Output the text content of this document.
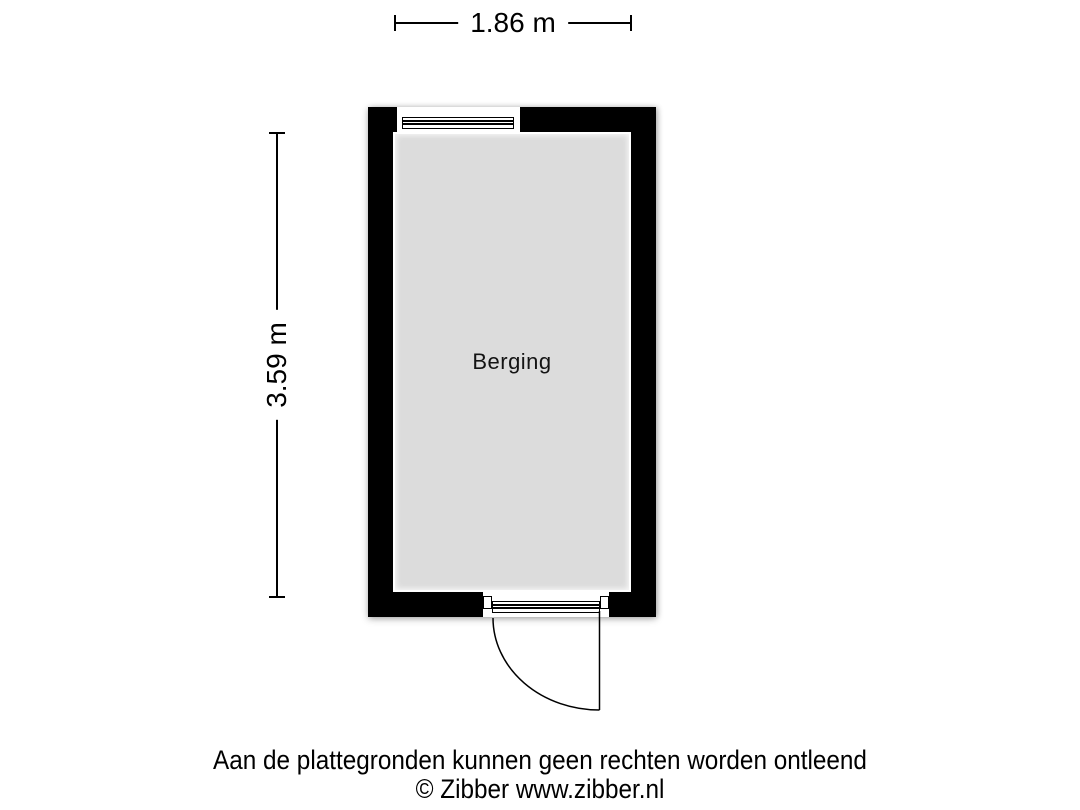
1.86 m
3.59 m	Berging
Aan de plattegronden kunnen geen rechten worden ontleend
© Zibber www.zibber.nl
